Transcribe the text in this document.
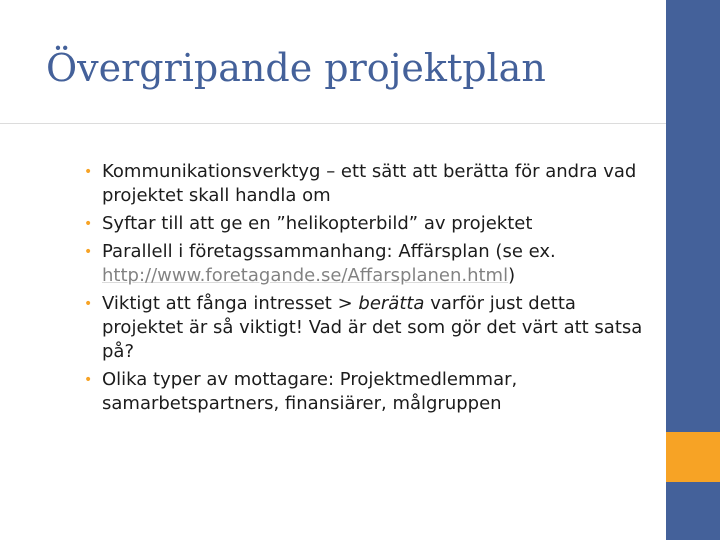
Övergripande projektplan
• Kommunikationsverktyg – ett sätt att berätta för andra vad projektet skall handla om
• Syftar till att ge en ”helikopterbild” av projektet
• Parallell i företagssammanhang: Affärsplan (se ex. http://www.foretagande.se/Affarsplanen.html)
• Viktigt att fånga intresset > berätta varför just detta projektet är så viktigt! Vad är det som gör det värt att satsa på?
• Olika typer av mottagare: Projektmedlemmar, samarbetspartners, finansiärer, målgruppen
